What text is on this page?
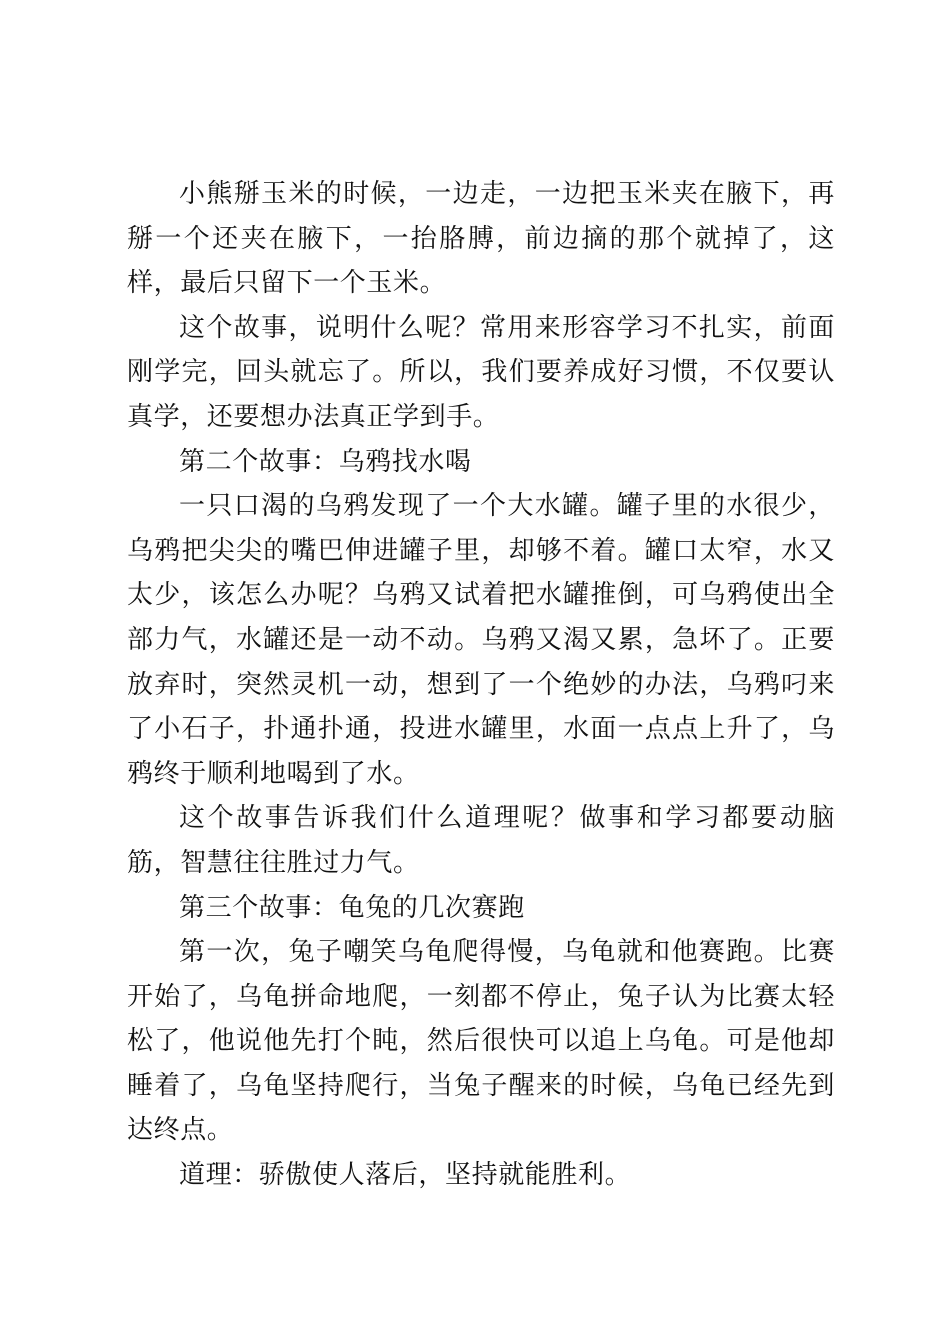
小熊掰玉米的时候，一边走，一边把玉米夹在腋下，再掰一个还夹在腋下，一抬胳膊，前边摘的那个就掉了，这样，最后只留下一个玉米。

这个故事，说明什么呢？常用来形容学习不扎实，前面刚学完，回头就忘了。所以，我们要养成好习惯，不仅要认真学，还要想办法真正学到手。

第二个故事：乌鸦找水喝

一只口渴的乌鸦发现了一个大水罐。罐子里的水很少，乌鸦把尖尖的嘴巴伸进罐子里，却够不着。罐口太窄，水又太少，该怎么办呢？乌鸦又试着把水罐推倒，可乌鸦使出全部力气，水罐还是一动不动。乌鸦又渴又累，急坏了。正要放弃时，突然灵机一动，想到了一个绝妙的办法，乌鸦叼来了小石子，扑通扑通，投进水罐里，水面一点点上升了，乌鸦终于顺利地喝到了水。

这个故事告诉我们什么道理呢？做事和学习都要动脑筋，智慧往往胜过力气。

第三个故事：龟兔的几次赛跑

第一次，兔子嘲笑乌龟爬得慢，乌龟就和他赛跑。比赛开始了，乌龟拼命地爬，一刻都不停止，兔子认为比赛太轻松了，他说他先打个盹，然后很快可以追上乌龟。可是他却睡着了，乌龟坚持爬行，当兔子醒来的时候，乌龟已经先到达终点。

道理：骄傲使人落后，坚持就能胜利。
